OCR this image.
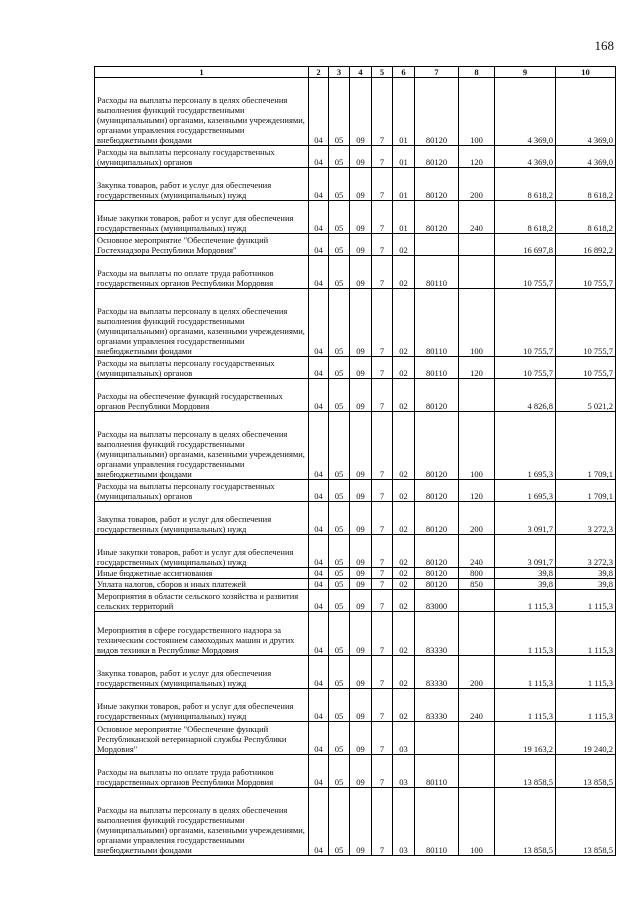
168
1	2	3	4	5	6	7	8	9	10
Расходы на выплаты персоналу в целях обеспечения выполнения функций государственными (муниципальными) органами, казенными учреждениями, органами управления государственными внебюджетными фондами	04	05	09	7	01	80120	100	4 369,0	4 369,0
Расходы на выплаты персоналу государственных (муниципальных) органов	04	05	09	7	01	80120	120	4 369,0	4 369,0
Закупка товаров, работ и услуг для обеспечения государственных (муниципальных) нужд	04	05	09	7	01	80120	200	8 618,2	8 618,2
Иные закупки товаров, работ и услуг для обеспечения государственных (муниципальных) нужд	04	05	09	7	01	80120	240	8 618,2	8 618,2
Основное мероприятие "Обеспечение функций Гостехнадзора Республики Мордовия"	04	05	09	7	02			16 697,8	16 892,2
Расходы на выплаты по оплате труда работников государственных органов Республики Мордовия	04	05	09	7	02	80110		10 755,7	10 755,7
Расходы на выплаты персоналу в целях обеспечения выполнения функций государственными (муниципальными) органами, казенными учреждениями, органами управления государственными внебюджетными фондами	04	05	09	7	02	80110	100	10 755,7	10 755,7
Расходы на выплаты персоналу государственных (муниципальных) органов	04	05	09	7	02	80110	120	10 755,7	10 755,7
Расходы на обеспечение функций государственных органов Республики Мордовия	04	05	09	7	02	80120		4 826,8	5 021,2
Расходы на выплаты персоналу в целях обеспечения выполнения функций государственными (муниципальными) органами, казенными учреждениями, органами управления государственными внебюджетными фондами	04	05	09	7	02	80120	100	1 695,3	1 709,1
Расходы на выплаты персоналу государственных (муниципальных) органов	04	05	09	7	02	80120	120	1 695,3	1 709,1
Закупка товаров, работ и услуг для обеспечения государственных (муниципальных) нужд	04	05	09	7	02	80120	200	3 091,7	3 272,3
Иные закупки товаров, работ и услуг для обеспечения государственных (муниципальных) нужд	04	05	09	7	02	80120	240	3 091,7	3 272,3
Иные бюджетные ассигнования	04	05	09	7	02	80120	800	39,8	39,8
Уплата налогов, сборов и иных платежей	04	05	09	7	02	80120	850	39,8	39,8
Мероприятия в области сельского хозяйства и развития сельских территорий	04	05	09	7	02	83000		1 115,3	1 115,3
Мероприятия в сфере государственного надзора за техническим состоянием самоходных машин и других видов техники в Республике Мордовия	04	05	09	7	02	83330		1 115,3	1 115,3
Закупка товаров, работ и услуг для обеспечения государственных (муниципальных) нужд	04	05	09	7	02	83330	200	1 115,3	1 115,3
Иные закупки товаров, работ и услуг для обеспечения государственных (муниципальных) нужд	04	05	09	7	02	83330	240	1 115,3	1 115,3
Основное мероприятие "Обеспечение функций Республиканской ветеринарной службы Республики Мордовия"	04	05	09	7	03			19 163,2	19 240,2
Расходы на выплаты по оплате труда работников государственных органов Республики Мордовия	04	05	09	7	03	80110		13 858,5	13 858,5
Расходы на выплаты персоналу в целях обеспечения выполнения функций государственными (муниципальными) органами, казенными учреждениями, органами управления государственными внебюджетными фондами	04	05	09	7	03	80110	100	13 858,5	13 858,5
